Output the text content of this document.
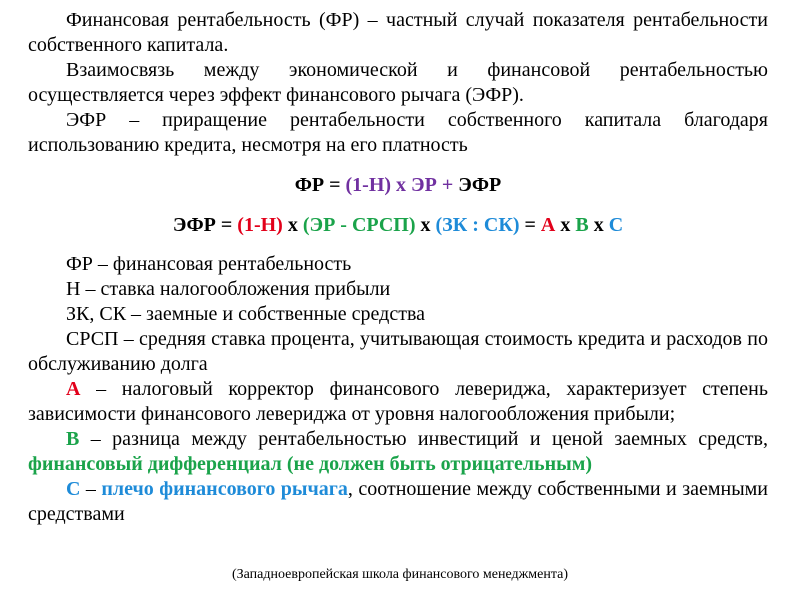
Финансовая рентабельность (ФР) – частный случай показателя рентабельности собственного капитала.

Взаимосвязь между экономической и финансовой рентабельностью осуществляется через эффект финансового рычага (ЭФР).

ЭФР – приращение рентабельности собственного капитала благодаря использованию кредита, несмотря на его платность

ФР = (1-Н) x ЭР + ЭФР

ЭФР = (1-Н) х (ЭР - СРСП) х (ЗК : СК) = А х В х С

ФР – финансовая рентабельность

Н – ставка налогообложения прибыли

ЗК, СК – заемные и собственные средства

СРСП – средняя ставка процента, учитывающая стоимость кредита и расходов по обслуживанию долга

А – налоговый корректор финансового левериджа, характеризует степень зависимости финансового левериджа от уровня налогообложения прибыли;

В – разница между рентабельностью инвестиций и ценой заемных средств, финансовый дифференциал (не должен быть отрицательным)

С – плечо финансового рычага, соотношение между собственными и заемными средствами

(Западноевропейская школа финансового менеджмента)
